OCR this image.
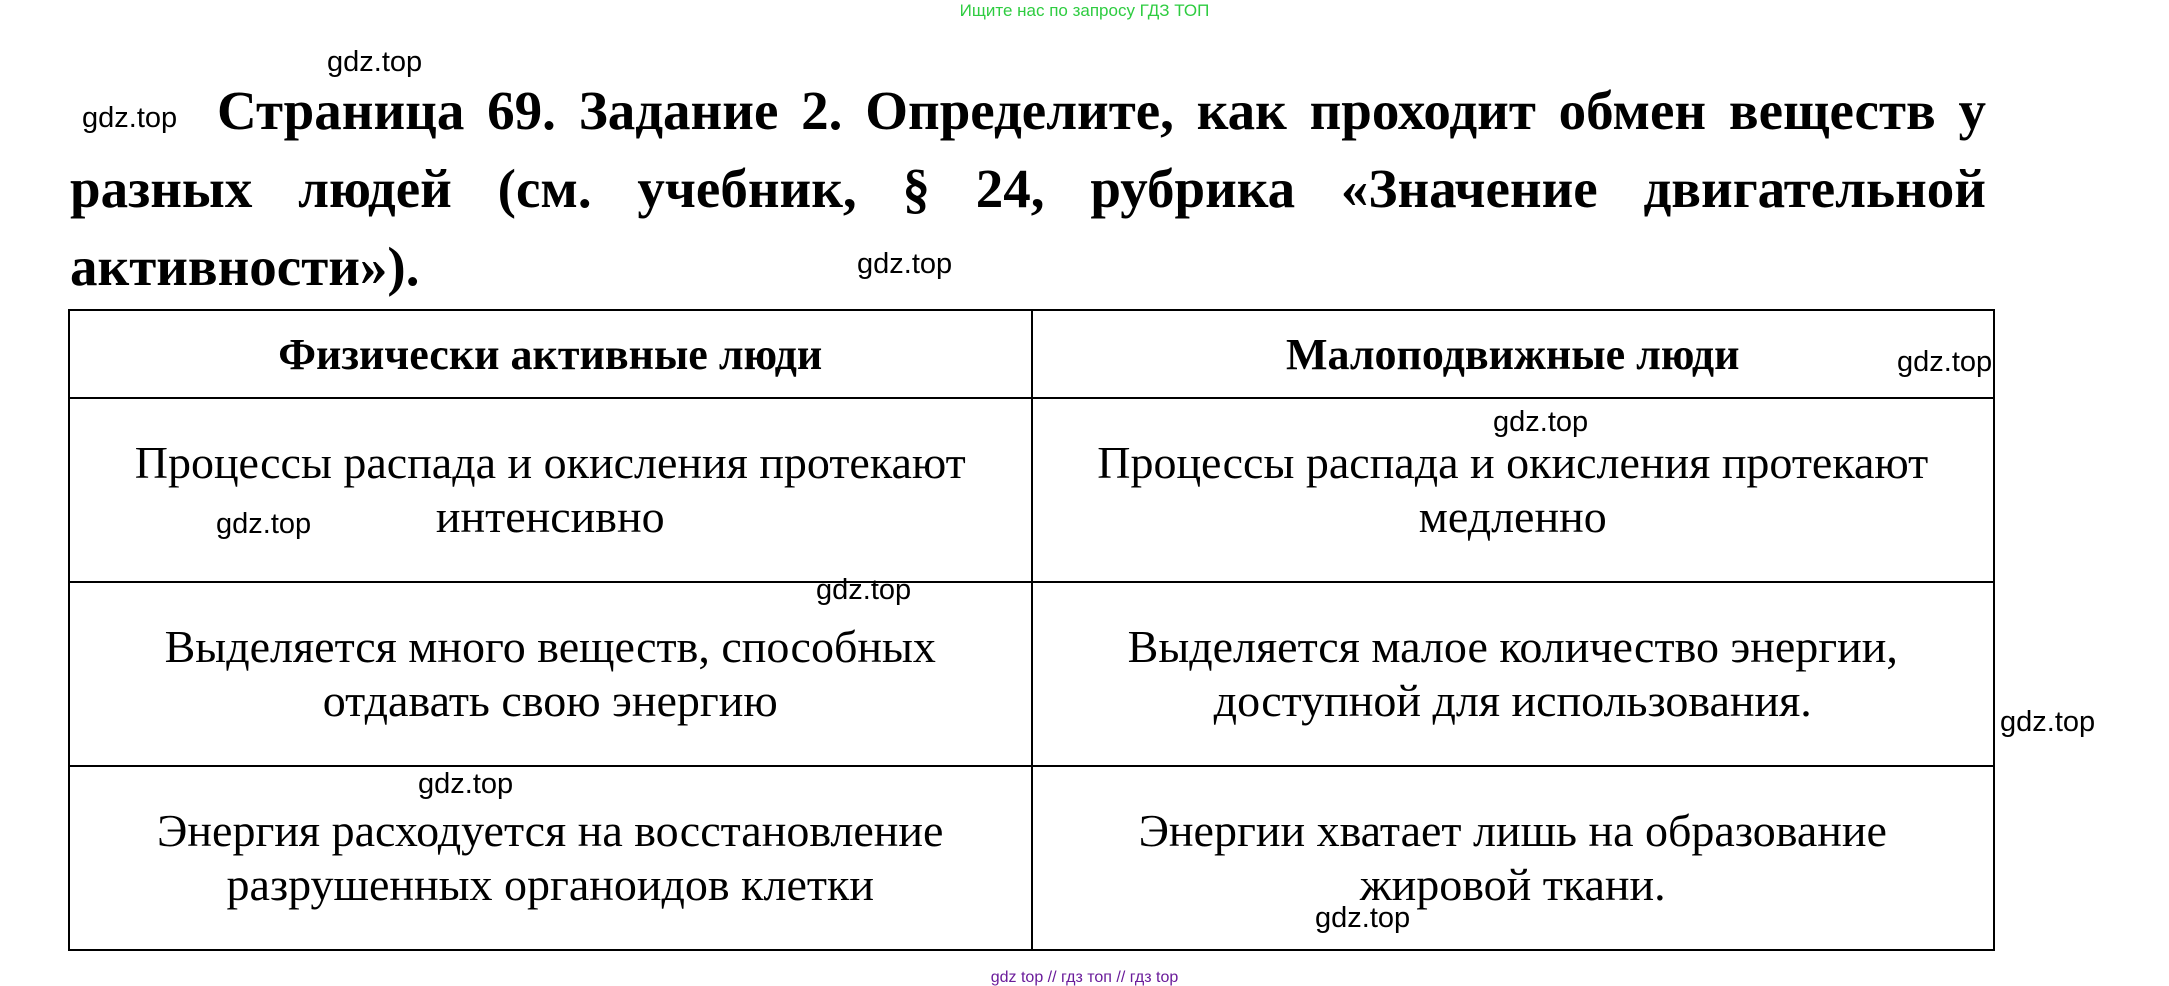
Ищите нас по запросу ГДЗ ТОП

Страница 69. Задание 2. Определите, как проходит обмен веществ у разных людей (см. учебник, § 24, рубрика «Значение двигательной активности»).

Физически активные люди	Малоподвижные люди
Процессы распада и окисления протекают интенсивно	Процессы распада и окисления протекают медленно
Выделяется много веществ, способных отдавать свою энергию	Выделяется малое количество энергии, доступной для использования.
Энергия расходуется на восстановление разрушенных органоидов клетки	Энергии хватает лишь на образование жировой ткани.
gdz.top
gdz.top
gdz.top
gdz.top
gdz.top
gdz.top
gdz.top
gdz.top
gdz.top
gdz.top
gdz top // гдз топ // гдз top
